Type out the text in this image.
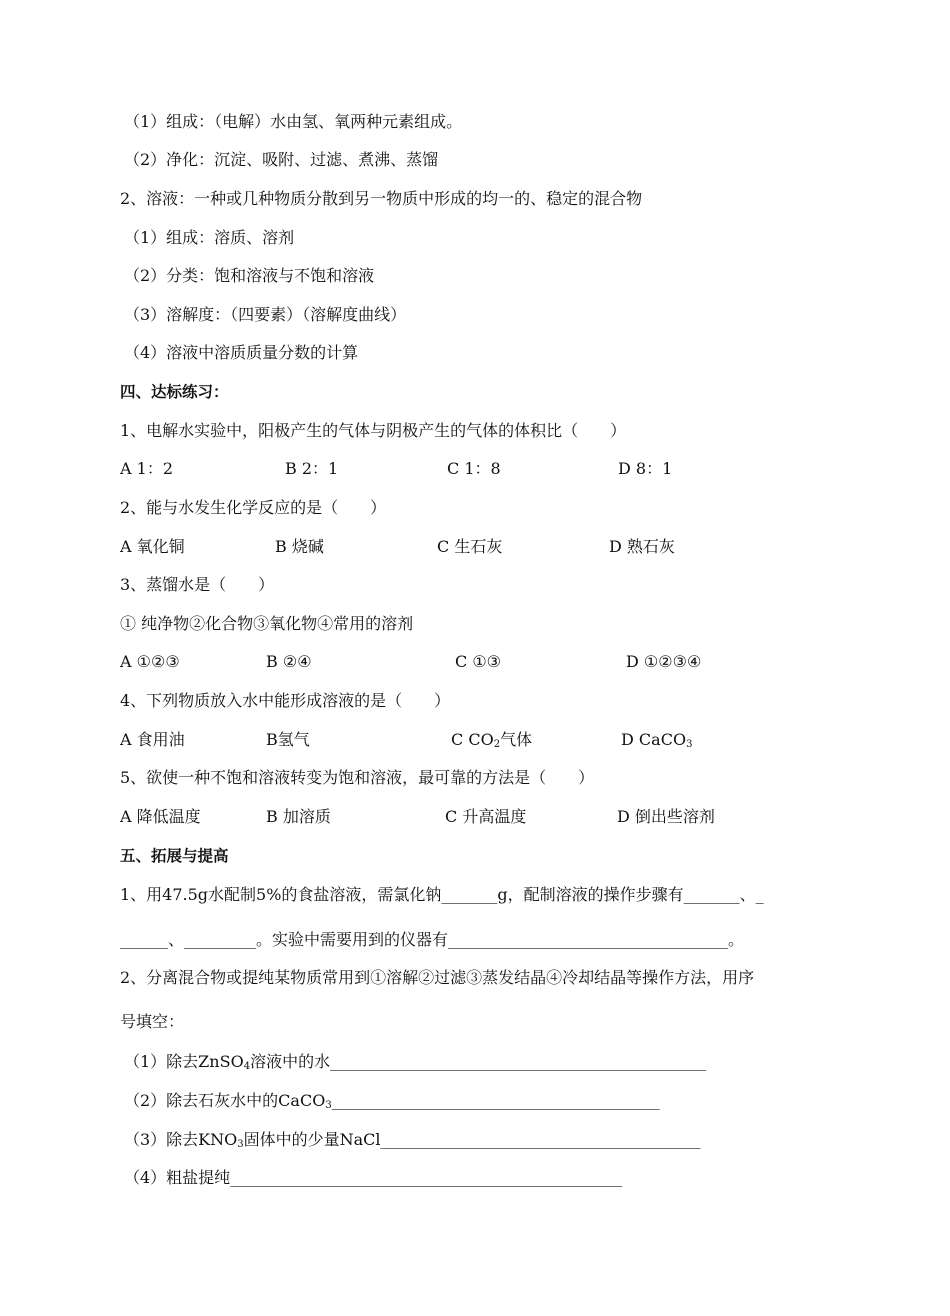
（1）组成：（电解）水由氢、氧两种元素组成。
（2）净化：沉淀、吸附、过滤、煮沸、蒸馏
2、溶液：一种或几种物质分散到另一物质中形成的均一的、稳定的混合物
（1）组成：溶质、溶剂
（2）分类：饱和溶液与不饱和溶液
（3）溶解度：（四要素）（溶解度曲线）
（4）溶液中溶质质量分数的计算
四、达标练习：
1、电解水实验中，阳极产生的气体与阴极产生的气体的体积比（　　）
A 1：2	B 2：1	C 1：8	D 8：1
2、能与水发生化学反应的是（　　）
A 氧化铜	B 烧碱	C 生石灰	D 熟石灰
3、蒸馏水是（　　）
① 纯净物②化合物③氧化物④常用的溶剂
A ①②③	B ②④	C ①③	D ①②③④
4、下列物质放入水中能形成溶液的是（　　）
A 食用油	B氢气	C $CO_2$气体	D CaCO$_3$
5、欲使一种不饱和溶液转变为饱和溶液，最可靠的方法是（　　）
A 降低温度	B 加溶质	C 升高温度	D 倒出些溶剂
五、拓展与提高
1、用47.5g水配制5%的食盐溶液，需氯化钠_______g，配制溶液的操作步骤有_______、_
______、_________。实验中需要用到的仪器有___________________________________。
2、分离混合物或提纯某物质常用到①溶解②过滤③蒸发结晶④冷却结晶等操作方法，用序
号填空：
（1）除去ZnSO$_4$溶液中的水_______________________________________________
（2）除去石灰水中的CaCO$_3$_________________________________________
（3）除去$KNO_3$固体中的少量NaCl________________________________________
（4）粗盐提纯_________________________________________________
